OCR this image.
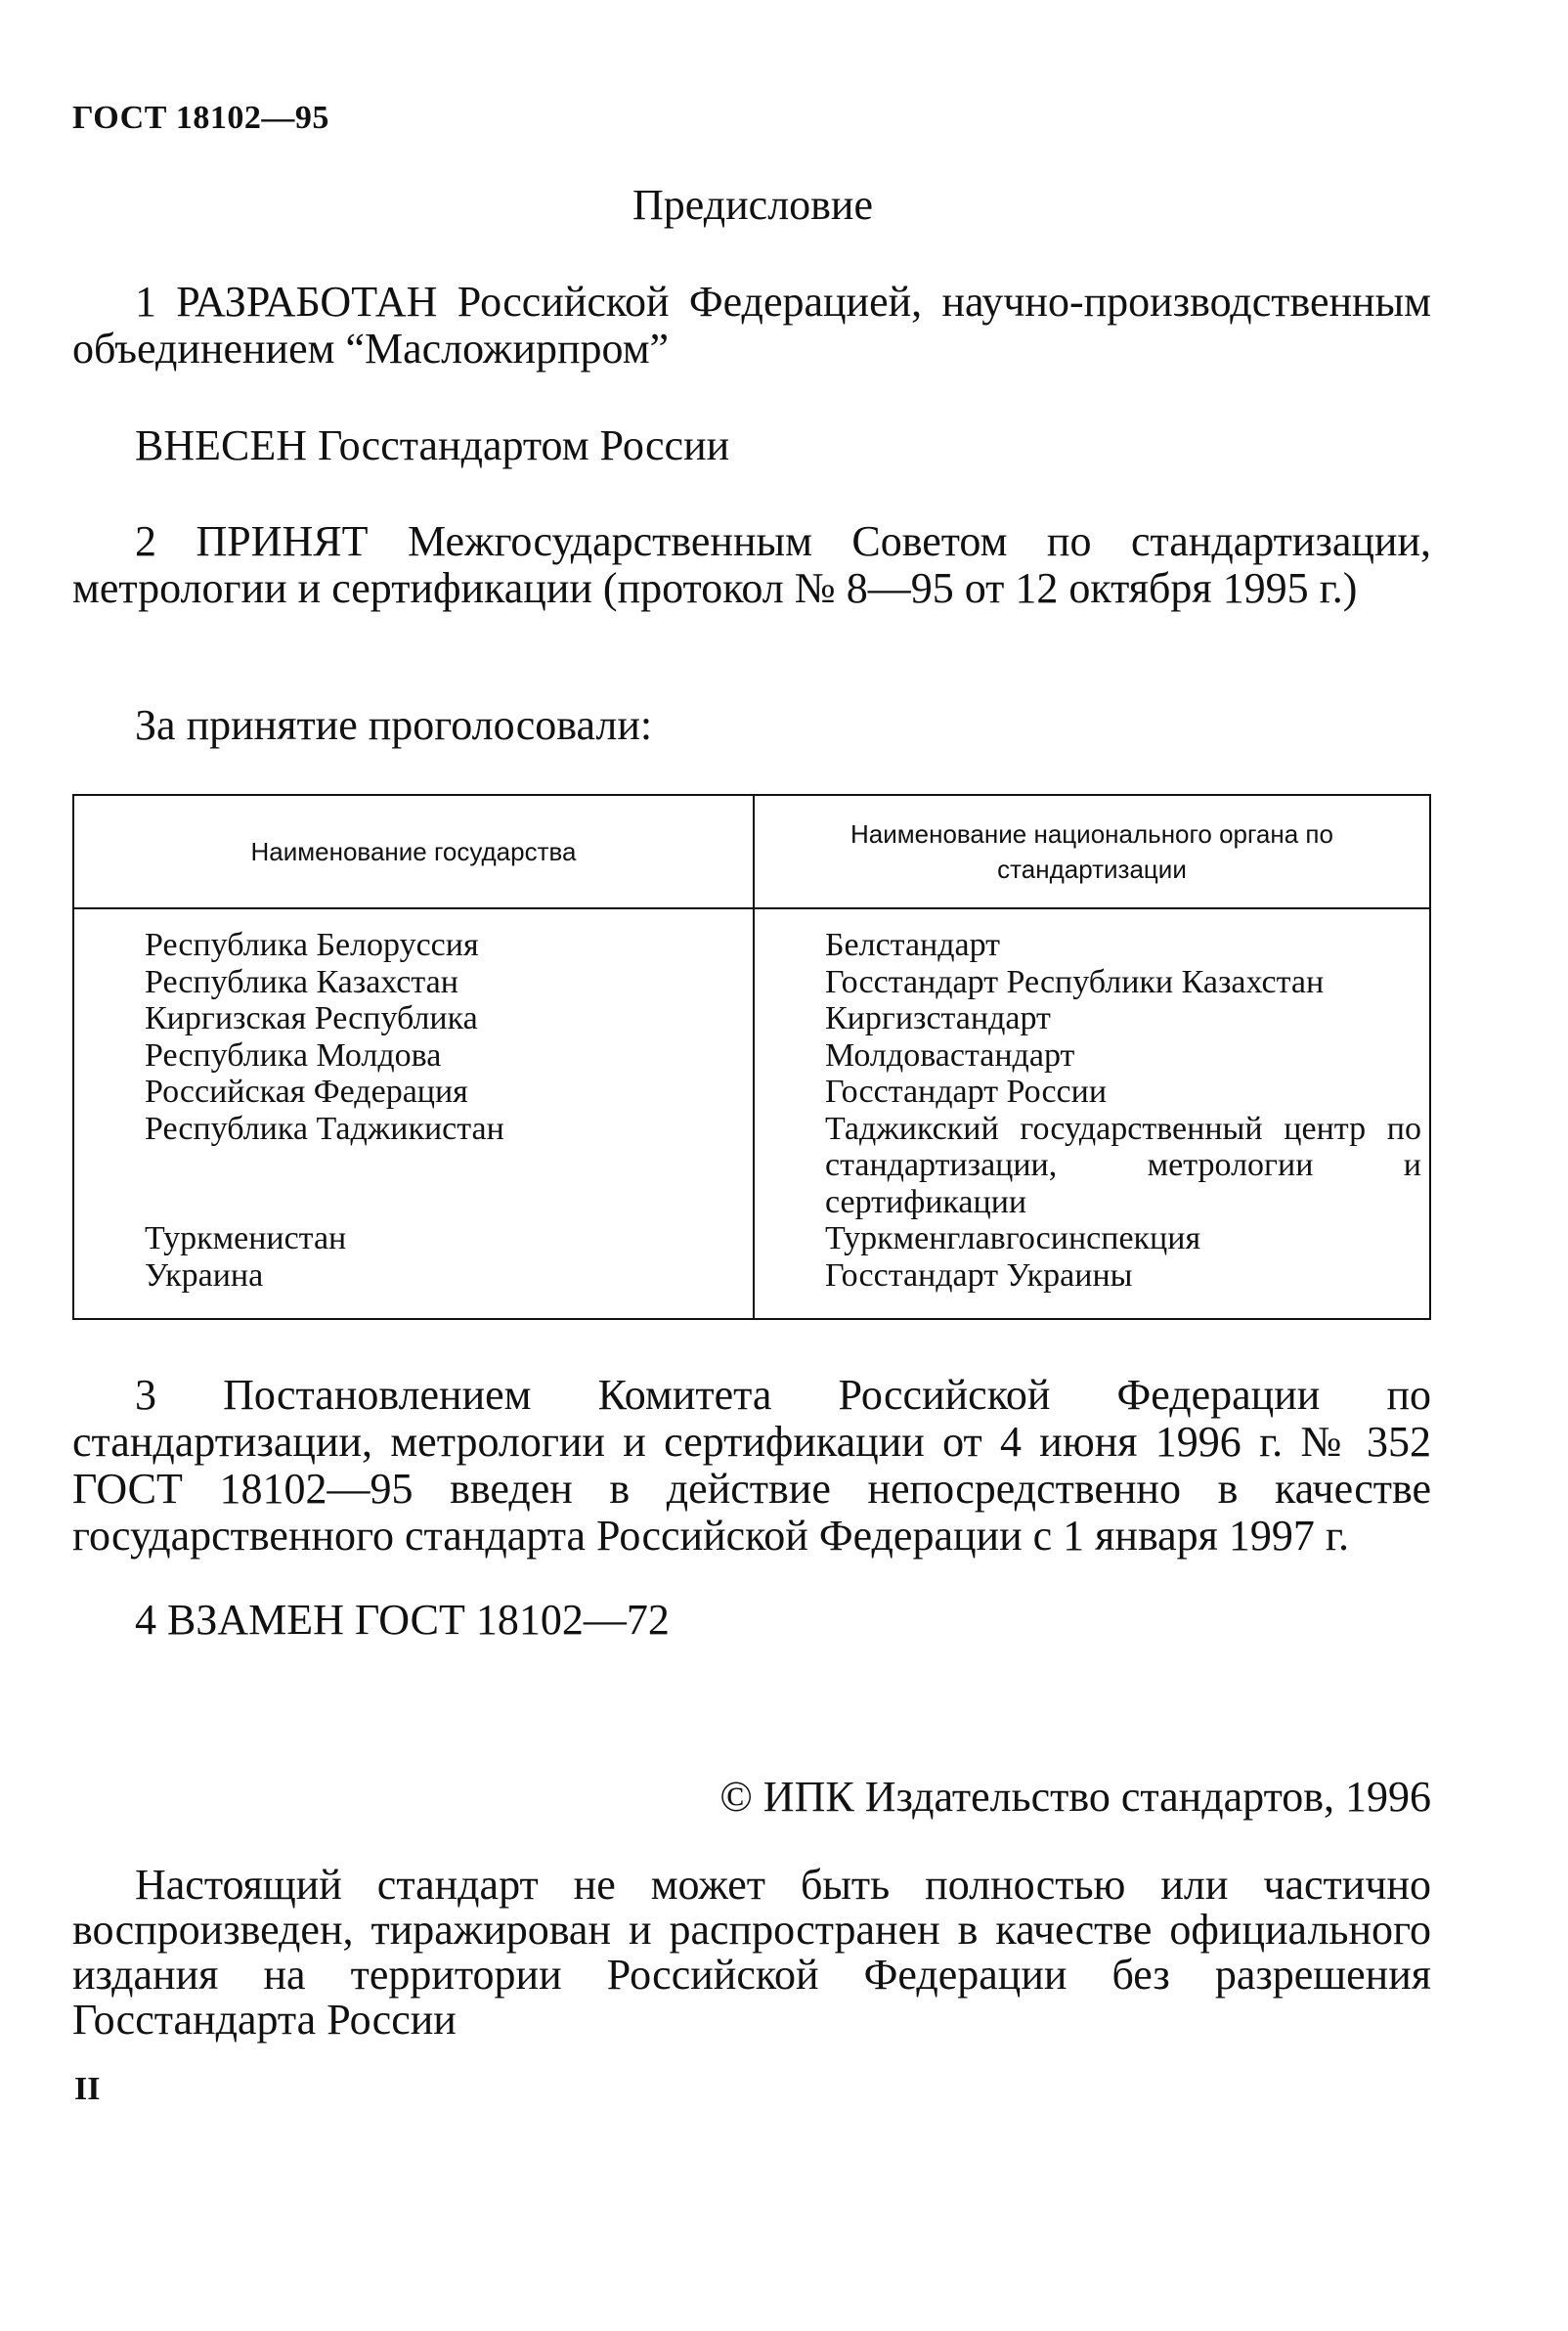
ГОСТ 18102—95
Предисловие

1 РАЗРАБОТАН Российской Федерацией, научно-производственным объединением “Масложирпром”

ВНЕСЕН Госстандартом России

2 ПРИНЯТ Межгосударственным Советом по стандартизации, метрологии и сертификации (протокол № 8—95 от 12 октября 1995 г.)

За принятие проголосовали:

Наименование государства
Наименование национального органа по стандартизации
Республика Белоруссия
Республика Казахстан
Киргизская Республика
Республика Молдова
Российская Федерация
Республика Таджикистан
Туркменистан
Украина
Белстандарт
Госстандарт Республики Казахстан
Киргизстандарт
Молдовастандарт
Госстандарт России
Таджикский государственный центр по стандартизации, метрологии и сертификации
Туркменглавгосинспекция
Госстандарт Украины

3 Постановлением Комитета Российской Федерации по стандартизации, метрологии и сертификации от 4 июня 1996 г. № 352 ГОСТ 18102—95 введен в действие непосредственно в качестве государственного стандарта Российской Федерации с 1 января 1997 г.

4 ВЗАМЕН ГОСТ 18102—72

© ИПК Издательство стандартов, 1996

Настоящий стандарт не может быть полностью или частично воспроизведен, тиражирован и распространен в качестве официального издания на территории Российской Федерации без разрешения Госстандарта России

II
